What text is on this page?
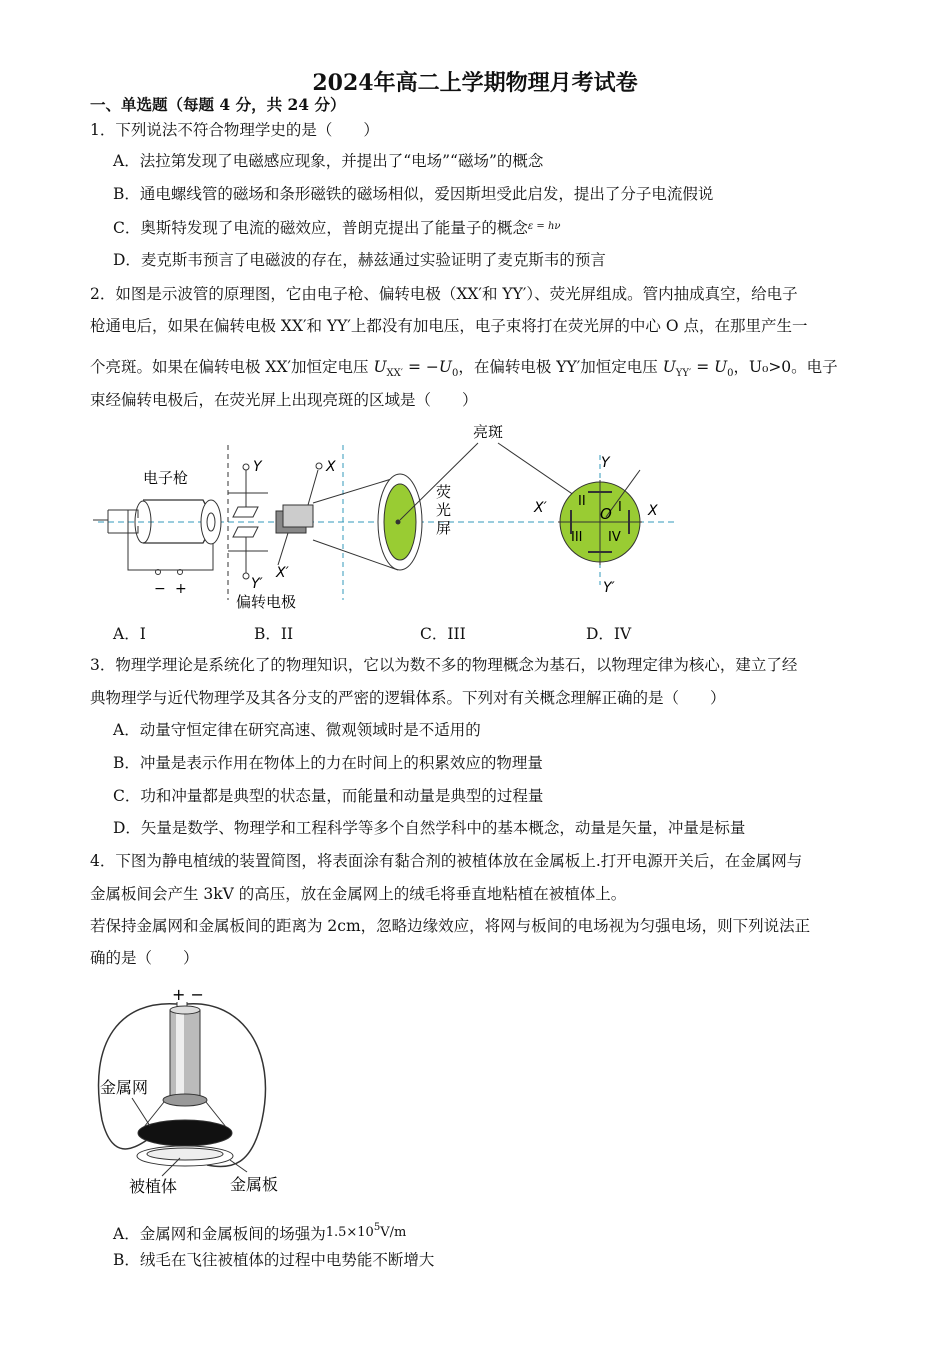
2024年高二上学期物理月考试卷
一、单选题（每题 4 分，共 24 分）
1．下列说法不符合物理学史的是（　　）
A．法拉第发现了电磁感应现象，并提出了“电场”“磁场”的概念
B．通电螺线管的磁场和条形磁铁的磁场相似，爱因斯坦受此启发，提出了分子电流假说
C．奥斯特发现了电流的磁效应，普朗克提出了能量子的概念$^{\varepsilon = h\nu}$
D．麦克斯韦预言了电磁波的存在，赫兹通过实验证明了麦克斯韦的预言
2．如图是示波管的原理图，它由电子枪、偏转电极（XX′和 YY′）、荧光屏组成。管内抽成真空，给电子
枪通电后，如果在偏转电极 XX′和 YY′上都没有加电压，电子束将打在荧光屏的中心 O 点，在那里产生一
个亮斑。如果在偏转电极 XX′加恒定电压 $U_{XX'} = -U_0$，在偏转电极 YY′加恒定电压 $U_{YY'} = U_0$，U₀>0。电子
束经偏转电极后，在荧光屏上出现亮斑的区域是（　　）
− +
电子枪
Y
Y′
X
X′
偏转电极
荧
光
屏
亮斑
Y
Y′
X
X′	O I
II
III IV
A．I	B．II	C．III	D．IV
3．物理学理论是系统化了的物理知识，它以为数不多的物理概念为基石，以物理定律为核心，建立了经
典物理学与近代物理学及其各分支的严密的逻辑体系。下列对有关概念理解正确的是（　　）
A．动量守恒定律在研究高速、微观领域时是不适用的
B．冲量是表示作用在物体上的力在时间上的积累效应的物理量
C．功和冲量都是典型的状态量，而能量和动量是典型的过程量
D．矢量是数学、物理学和工程科学等多个自然学科中的基本概念，动量是矢量，冲量是标量
4．下图为静电植绒的装置简图，将表面涂有黏合剂的被植体放在金属板上.打开电源开关后，在金属网与
金属板间会产生 3kV 的高压，放在金属网上的绒毛将垂直地粘植在被植体上。
若保持金属网和金属板间的距离为 2cm，忽略边缘效应，将网与板间的电场视为匀强电场，则下列说法正
确的是（　　）
+ −
金属网
被植体	金属板
A．金属网和金属板间的场强为$1.5\times 10^5V/m$
B．绒毛在飞往被植体的过程中电势能不断增大
